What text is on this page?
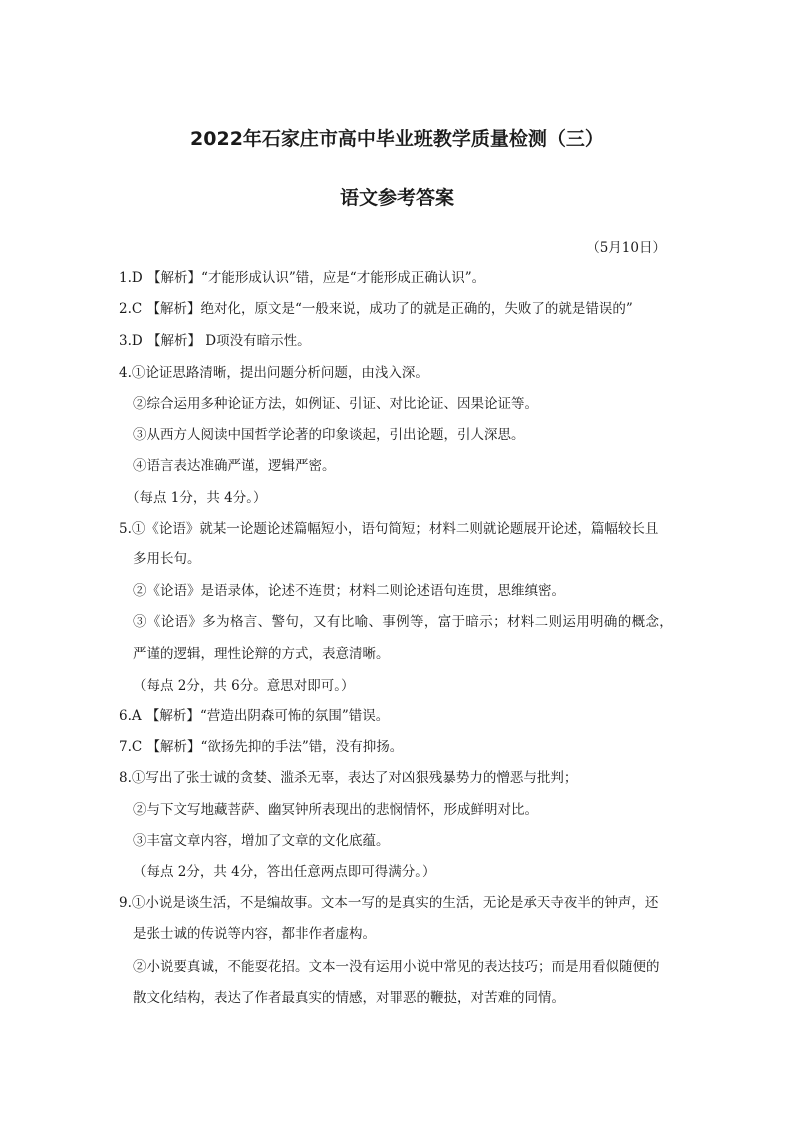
2022年石家庄市高中毕业班教学质量检测（三）
语文参考答案
（5月10日）
1.D 【解析】“才能形成认识”错，应是“才能形成正确认识”。
2.C 【解析】绝对化，原文是“一般来说，成功了的就是正确的，失败了的就是错误的”
3.D 【解析】 D项没有暗示性。
4.①论证思路清晰，提出问题分析问题，由浅入深。
②综合运用多种论证方法，如例证、引证、对比论证、因果论证等。
③从西方人阅读中国哲学论著的印象谈起，引出论题，引人深思。
④语言表达准确严谨，逻辑严密。
（每点 1分，共 4分。）
5.①《论语》就某一论题论述篇幅短小，语句简短；材料二则就论题展开论述，篇幅较长且
多用长句。
②《论语》是语录体，论述不连贯；材料二则论述语句连贯，思维缜密。
③《论语》多为格言、警句，又有比喻、事例等，富于暗示；材料二则运用明确的概念，
严谨的逻辑，理性论辩的方式，表意清晰。
（每点 2分，共 6分。意思对即可。）
6.A 【解析】“营造出阴森可怖的氛围”错误。
7.C 【解析】“欲扬先抑的手法”错，没有抑扬。
8.①写出了张士诚的贪婪、滥杀无辜，表达了对凶狠残暴势力的憎恶与批判；
②与下文写地藏菩萨、幽冥钟所表现出的悲悯情怀，形成鲜明对比。
③丰富文章内容，增加了文章的文化底蕴。
（每点 2分，共 4分，答出任意两点即可得满分。）
9.①小说是谈生活，不是编故事。文本一写的是真实的生活，无论是承天寺夜半的钟声，还
是张士诚的传说等内容，都非作者虚构。
②小说要真诚，不能耍花招。文本一没有运用小说中常见的表达技巧；而是用看似随便的
散文化结构，表达了作者最真实的情感，对罪恶的鞭挞，对苦难的同情。
